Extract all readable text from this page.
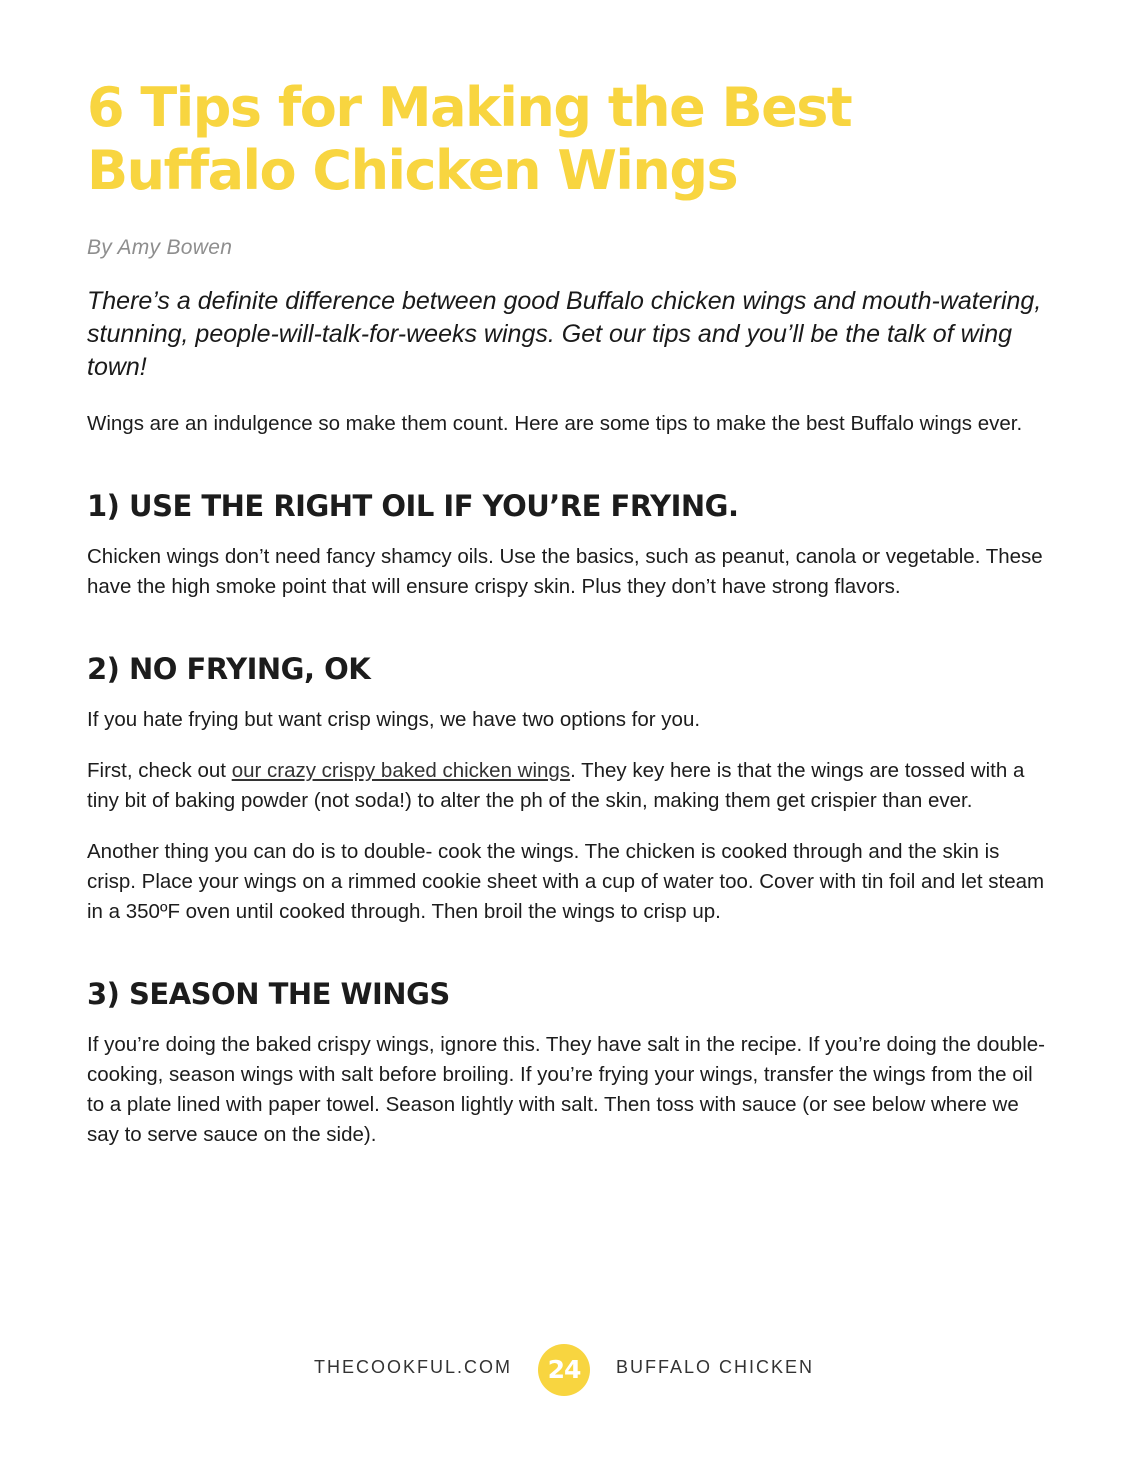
6 Tips for Making the Best Buffalo Chicken Wings

By Amy Bowen

There’s a definite difference between good Buffalo chicken wings and mouth-watering, stunning, people-will-talk-for-weeks wings. Get our tips and you’ll be the talk of wing town!

Wings are an indulgence so make them count. Here are some tips to make the best Buffalo wings ever.

1) USE THE RIGHT OIL IF YOU’RE FRYING.

Chicken wings don’t need fancy shamcy oils. Use the basics, such as peanut, canola or vegetable. These have the high smoke point that will ensure crispy skin. Plus they don’t have strong flavors.

2) NO FRYING, OK

If you hate frying but want crisp wings, we have two options for you.

First, check out our crazy crispy baked chicken wings. They key here is that the wings are tossed with a tiny bit of baking powder (not soda!) to alter the ph of the skin, making them get crispier than ever.

Another thing you can do is to double- cook the wings. The chicken is cooked through and the skin is crisp. Place your wings on a rimmed cookie sheet with a cup of water too. Cover with tin foil and let steam in a 350ºF oven until cooked through. Then broil the wings to crisp up.

3) SEASON THE WINGS

If you’re doing the baked crispy wings, ignore this. They have salt in the recipe. If you’re doing the double-cooking, season wings with salt before broiling. If you’re frying your wings, transfer the wings from the oil to a plate lined with paper towel. Season lightly with salt. Then toss with sauce (or see below where we say to serve sauce on the side).

THECOOKFUL.COM	24	BUFFALO CHICKEN
